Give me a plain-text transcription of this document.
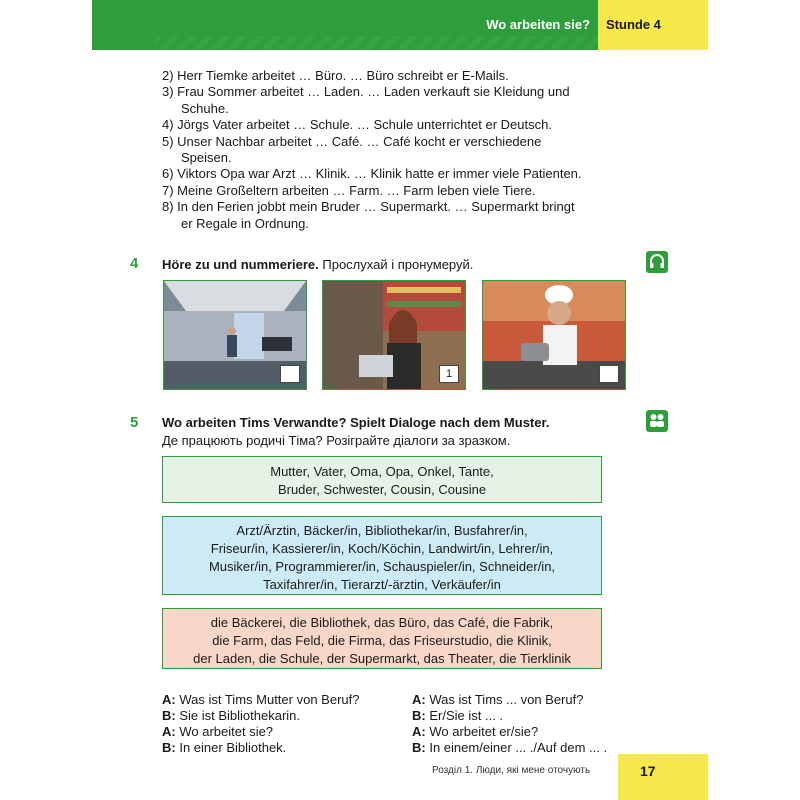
Wo arbeiten sie? Stunde 4

2) Herr Tiemke arbeitet … Büro. … Büro schreibt er E-Mails.

3) Frau Sommer arbeitet … Laden. … Laden verkauft sie Kleidung und

Schuhe.

4) Jörgs Vater arbeitet … Schule. … Schule unterrichtet er Deutsch.

5) Unser Nachbar arbeitet … Café. … Café kocht er verschiedene

Speisen.

6) Viktors Opa war Arzt … Klinik. … Klinik hatte er immer viele Patienten.

7) Meine Großeltern arbeiten … Farm. … Farm leben viele Tiere.

8) In den Ferien jobbt mein Bruder … Supermarkt. … Supermarkt bringt

er Regale in Ordnung.

4 Höre zu und nummeriere. Прослухай і пронумеруй.
1
5 Wo arbeiten Tims Verwandte? Spielt Dialoge nach dem Muster.
Де працюють родичі Тіма? Розігрaйте діалоги за зразком.
Mutter, Vater, Oma, Opa, Onkel, Tante,
Bruder, Schwester, Cousin, Cousine
Arzt/Ärztin, Bäcker/in, Bibliothekar/in, Busfahrer/in,
Friseur/in, Kassierer/in, Koch/Köchin, Landwirt/in, Lehrer/in,
Musiker/in, Programmierer/in, Schauspieler/in, Schneider/in,
Taxifahrer/in, Tierarzt/-ärztin, Verkäufer/in
die Bäckerei, die Bibliothek, das Büro, das Café, die Fabrik,
die Farm, das Feld, die Firma, das Friseurstudio, die Klinik,
der Laden, die Schule, der Supermarkt, das Theater, die Tierklinik
A: Was ist Tims Mutter von Beruf?
B: Sie ist Bibliothekarin.
A: Wo arbeitet sie?
B: In einer Bibliothek.
A: Was ist Tims ... von Beruf?
B: Er/Sie ist ... .
A: Wo arbeitet er/sie?
B: In einem/einer ... ./Auf dem ... .
Розділ 1. Люди, які мене оточують	17
